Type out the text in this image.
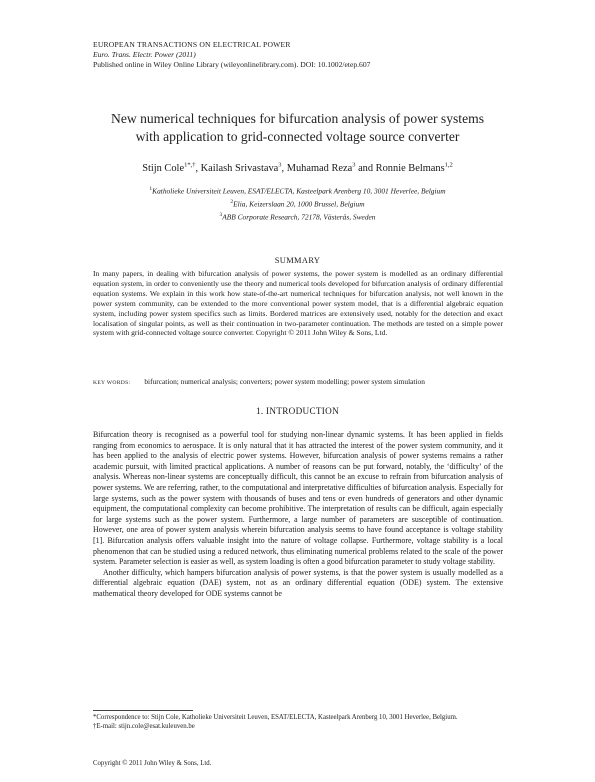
EUROPEAN TRANSACTIONS ON ELECTRICAL POWER
Euro. Trans. Electr. Power (2011)
Published online in Wiley Online Library (wileyonlinelibrary.com). DOI: 10.1002/etep.607
New numerical techniques for bifurcation analysis of power systems
with application to grid-connected voltage source converter
Stijn Cole$^{1*,\dagger}$, Kailash Srivastava$^3$, Muhamad Reza$^3$ and Ronnie Belmans$^{1,2}$
$^1$Katholieke Universiteit Leuven, ESAT/ELECTA, Kasteelpark Arenberg 10, 3001 Heverlee, Belgium
$^2$Elia, Keizerslaan 20, 1000 Brussel, Belgium
$^3$ABB Corporate Research, 72178, Västerås, Sweden
SUMMARY
In many papers, in dealing with bifurcation analysis of power systems, the power system is modelled as an ordinary differential equation system, in order to conveniently use the theory and numerical tools developed for bifurcation analysis of ordinary differential equation systems. We explain in this work how state-of-the-art numerical techniques for bifurcation analysis, not well known in the power system community, can be extended to the more conventional power system model, that is a differential algebraic equation system, including power system specifics such as limits. Bordered matrices are extensively used, notably for the detection and exact localisation of singular points, as well as their continuation in two-parameter continuation. The methods are tested on a simple power system with grid-connected voltage source converter. Copyright © 2011 John Wiley & Sons, Ltd.
KEY WORDS: bifurcation; numerical analysis; converters; power system modelling; power system simulation
1. INTRODUCTION

Bifurcation theory is recognised as a powerful tool for studying non-linear dynamic systems. It has been applied in fields ranging from economics to aerospace. It is only natural that it has attracted the interest of the power system community, and it has been applied to the analysis of electric power systems. However, bifurcation analysis of power systems remains a rather academic pursuit, with limited practical applications. A number of reasons can be put forward, notably, the ‘difficulty’ of the analysis. Whereas non-linear systems are conceptually difficult, this cannot be an excuse to refrain from bifurcation analysis of power systems. We are referring, rather, to the computational and interpretative difficulties of bifurcation analysis. Especially for large systems, such as the power system with thousands of buses and tens or even hundreds of generators and other dynamic equipment, the computational complexity can become prohibitive. The interpretation of results can be difficult, again especially for large systems such as the power system. Furthermore, a large number of parameters are susceptible of continuation. However, one area of power system analysis wherein bifurcation analysis seems to have found acceptance is voltage stability [1]. Bifurcation analysis offers valuable insight into the nature of voltage collapse. Furthermore, voltage stability is a local phenomenon that can be studied using a reduced network, thus eliminating numerical problems related to the scale of the power system. Parameter selection is easier as well, as system loading is often a good bifurcation parameter to study voltage stability.

Another difficulty, which hampers bifurcation analysis of power systems, is that the power system is usually modelled as a differential algebraic equation (DAE) system, not as an ordinary differential equation (ODE) system. The extensive mathematical theory developed for ODE systems cannot be

*Correspondence to: Stijn Cole, Katholieke Universiteit Leuven, ESAT/ELECTA, Kasteelpark Arenberg 10, 3001 Heverlee, Belgium.

†E-mail: stijn.cole@esat.kuleuven.be

Copyright © 2011 John Wiley & Sons, Ltd.
